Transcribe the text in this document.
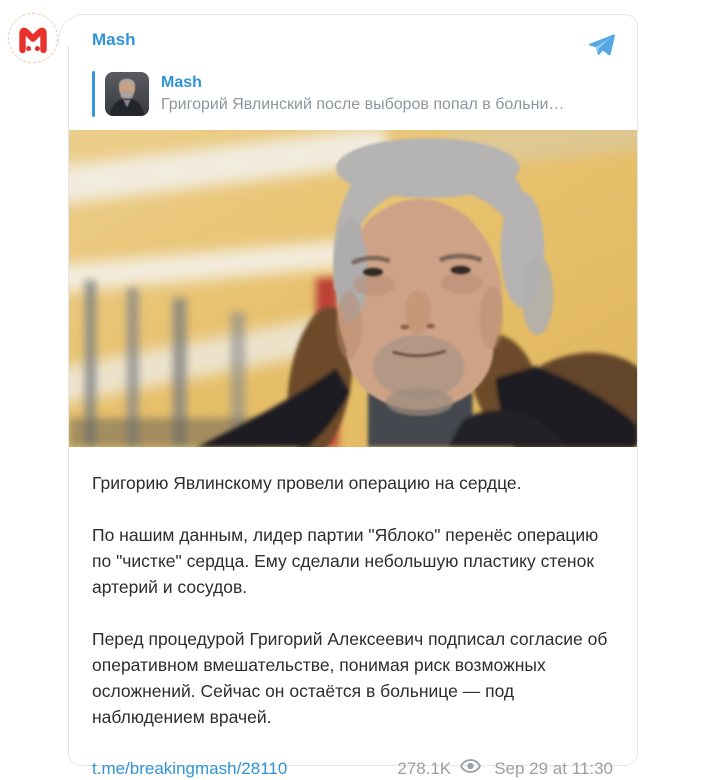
Mash
Mash
Григорий Явлинский после выборов попал в больни…

Григорию Явлинскому провели операцию на сердце.

По нашим данным, лидер партии "Яблоко" перенёс операцию по "чистке" сердца. Ему сделали небольшую пластику стенок артерий и сосудов.

Перед процедурой Григорий Алексеевич подписал согласие об оперативном вмешательстве, понимая риск возможных осложнений. Сейчас он остаётся в больнице — под наблюдением врачей.

t.me/breakingmash/28110	278.1K	Sep 29 at 11:30
